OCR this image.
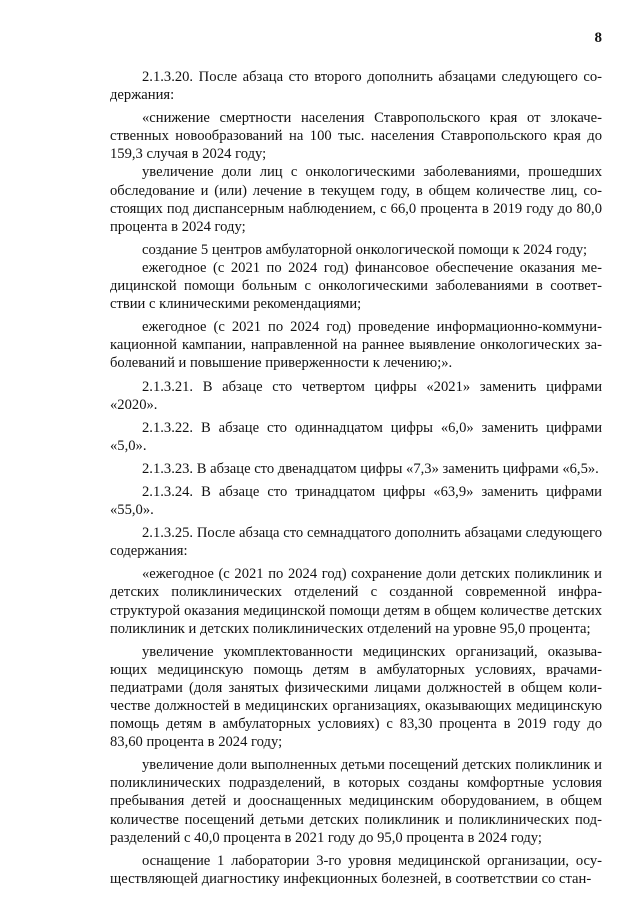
8

2.1.3.20. После абзаца сто второго дополнить абзацами следующего содержания:

«снижение смертности населения Ставропольского края от злокачественных новообразований на 100 тыс. населения Ставропольского края до 159,3 случая в 2024 году;

увеличение доли лиц с онкологическими заболеваниями, прошедших обследование и (или) лечение в текущем году, в общем количестве лиц, состоящих под диспансерным наблюдением, с 66,0 процента в 2019 году до 80,0 процента в 2024 году;

создание 5 центров амбулаторной онкологической помощи к 2024 году;

ежегодное (с 2021 по 2024 год) финансовое обеспечение оказания медицинской помощи больным с онкологическими заболеваниями в соответствии с клиническими рекомендациями;

ежегодное (с 2021 по 2024 год) проведение информационно-коммуникационной кампании, направленной на раннее выявление онкологических заболеваний и повышение приверженности к лечению;».

2.1.3.21. В абзаце сто четвертом цифры «2021» заменить цифрами «2020».

2.1.3.22. В абзаце сто одиннадцатом цифры «6,0» заменить цифрами «5,0».

2.1.3.23. В абзаце сто двенадцатом цифры «7,3» заменить цифрами «6,5».

2.1.3.24. В абзаце сто тринадцатом цифры «63,9» заменить цифрами «55,0».

2.1.3.25. После абзаца сто семнадцатого дополнить абзацами следующего содержания:

«ежегодное (с 2021 по 2024 год) сохранение доли детских поликлиник и детских поликлинических отделений с созданной современной инфраструктурой оказания медицинской помощи детям в общем количестве детских поликлиник и детских поликлинических отделений на уровне 95,0 процента;

увеличение укомплектованности медицинских организаций, оказывающих медицинскую помощь детям в амбулаторных условиях, врачами-педиатрами (доля занятых физическими лицами должностей в общем количестве должностей в медицинских организациях, оказывающих медицинскую помощь детям в амбулаторных условиях) с 83,30 процента в 2019 году до 83,60 процента в 2024 году;

увеличение доли выполненных детьми посещений детских поликлиник и поликлинических подразделений, в которых созданы комфортные условия пребывания детей и дооснащенных медицинским оборудованием, в общем количестве посещений детьми детских поликлиник и поликлинических подразделений с 40,0 процента в 2021 году до 95,0 процента в 2024 году;

оснащение 1 лаборатории 3-го уровня медицинской организации, осуществляющей диагностику инфекционных болезней, в соответствии со стан-
